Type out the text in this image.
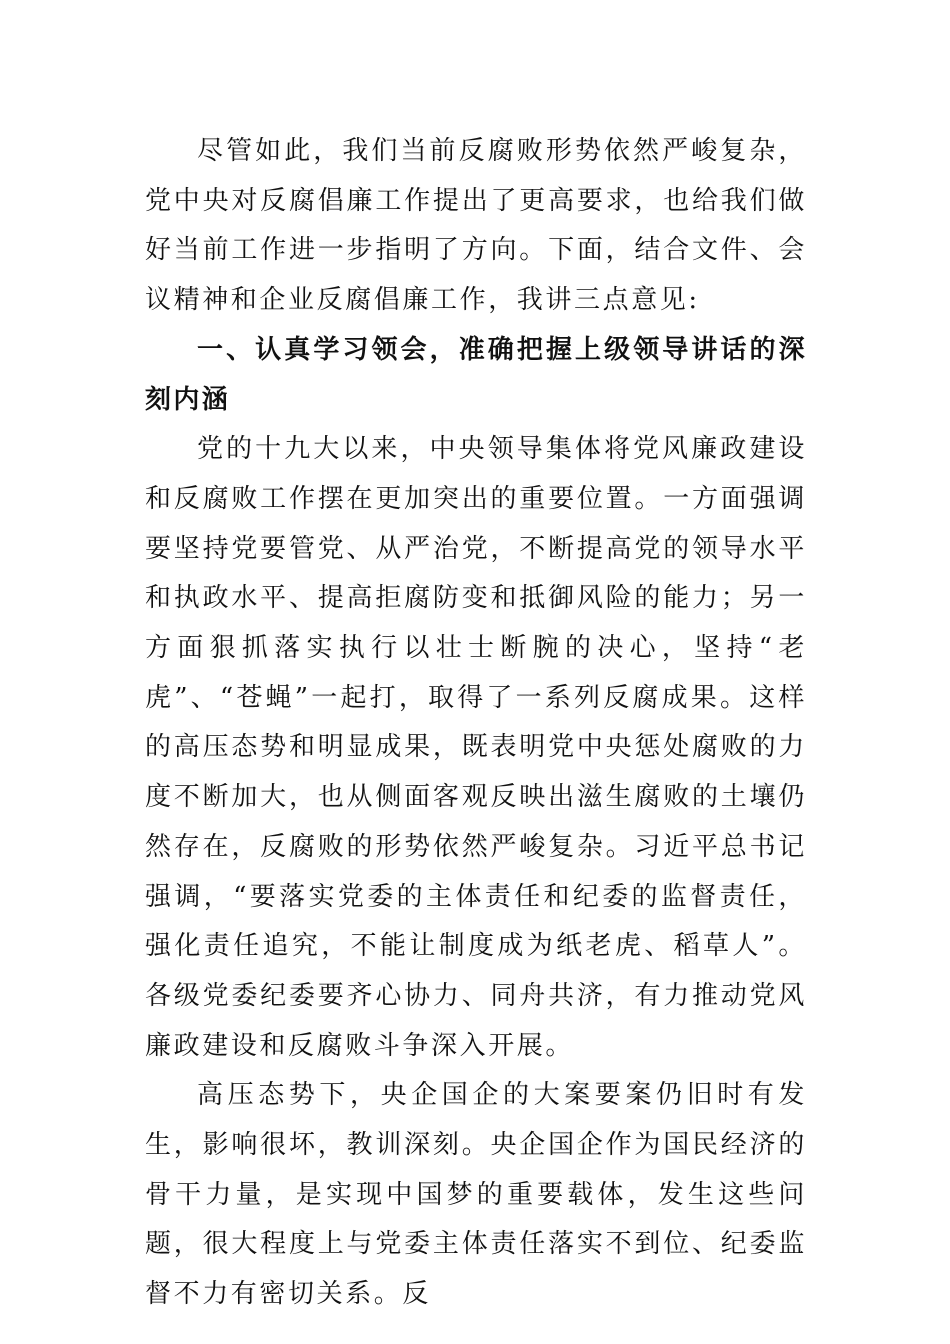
尽管如此，我们当前反腐败形势依然严峻复杂，党中央对反腐倡廉工作提出了更高要求，也给我们做好当前工作进一步指明了方向。下面，结合文件、会议精神和企业反腐倡廉工作，我讲三点意见:

一、认真学习领会，准确把握上级领导讲话的深刻内涵

党的十九大以来，中央领导集体将党风廉政建设和反腐败工作摆在更加突出的重要位置。一方面强调要坚持党要管党、从严治党，不断提高党的领导水平和执政水平、提高拒腐防变和抵御风险的能力；另一方面狠抓落实执行以壮士断腕的决心，坚持“老虎”、“苍蝇”一起打，取得了一系列反腐成果。这样的高压态势和明显成果，既表明党中央惩处腐败的力度不断加大，也从侧面客观反映出滋生腐败的土壤仍然存在，反腐败的形势依然严峻复杂。习近平总书记强调，“要落实党委的主体责任和纪委的监督责任，强化责任追究，不能让制度成为纸老虎、稻草人”。各级党委纪委要齐心协力、同舟共济，有力推动党风廉政建设和反腐败斗争深入开展。

高压态势下，央企国企的大案要案仍旧时有发生，影响很坏，教训深刻。央企国企作为国民经济的骨干力量，是实现中国梦的重要载体，发生这些问题，很大程度上与党委主体责任落实不到位、纪委监督不力有密切关系。反
